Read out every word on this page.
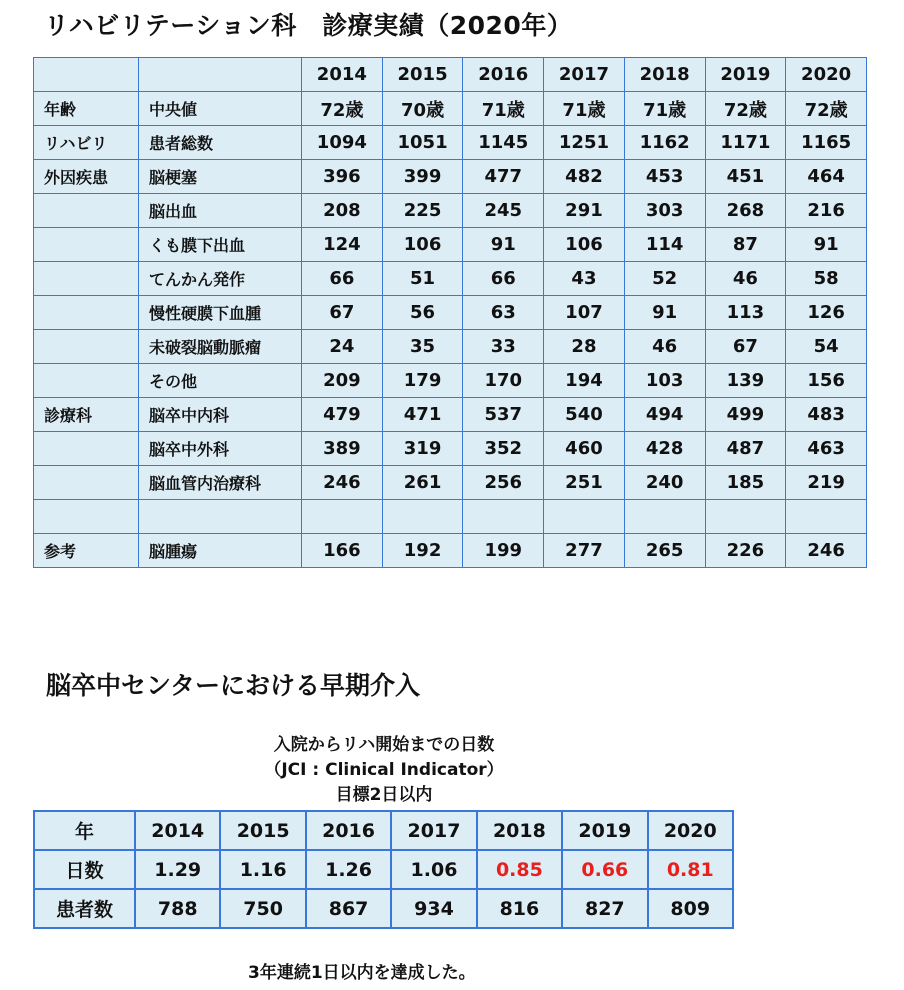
リハビリテーション科　診療実績（2020年）
		2014	2015	2016	2017	2018	2019	2020
年齢	中央値	72歳	70歳	71歳	71歳	71歳	72歳	72歳
リハビリ	患者総数	1094	1051	1145	1251	1162	1171	1165
外因疾患	脳梗塞	396	399	477	482	453	451	464
	脳出血	208	225	245	291	303	268	216
	くも膜下出血	124	106	91	106	114	87	91
	てんかん発作	66	51	66	43	52	46	58
	慢性硬膜下血腫	67	56	63	107	91	113	126
	未破裂脳動脈瘤	24	35	33	28	46	67	54
	その他	209	179	170	194	103	139	156
診療科	脳卒中内科	479	471	537	540	494	499	483
	脳卒中外科	389	319	352	460	428	487	463
	脳血管内治療科	246	261	256	251	240	185	219

参考	脳腫瘍	166	192	199	277	265	226	246
脳卒中センターにおける早期介入
入院からリハ開始までの日数
（JCI : Clinical Indicator）
目標2日以内
年	2014	2015	2016	2017	2018	2019	2020
日数	1.29	1.16	1.26	1.06	0.85	0.66	0.81
患者数	788	750	867	934	816	827	809
3年連続1日以内を達成した。
